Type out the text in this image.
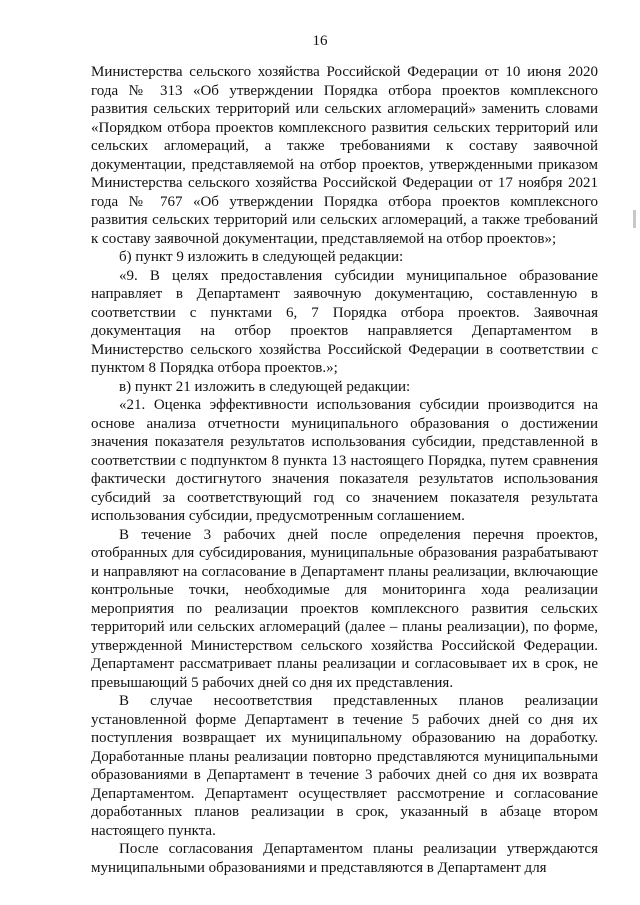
16

Министерства сельского хозяйства Российской Федерации от 10 июня 2020 года № 313 «Об утверждении Порядка отбора проектов комплексного развития сельских территорий или сельских агломераций» заменить словами «Порядком отбора проектов комплексного развития сельских территорий или сельских агломераций, а также требованиями к составу заявочной документации, представляемой на отбор проектов, утвержденными приказом Министерства сельского хозяйства Российской Федерации от 17 ноября 2021 года № 767 «Об утверждении Порядка отбора проектов комплексного развития сельских территорий или сельских агломераций, а также требований к составу заявочной документации, представляемой на отбор проектов»;

б) пункт 9 изложить в следующей редакции:

«9. В целях предоставления субсидии муниципальное образование направляет в Департамент заявочную документацию, составленную в соответствии с пунктами 6, 7 Порядка отбора проектов. Заявочная документация на отбор проектов направляется Департаментом в Министерство сельского хозяйства Российской Федерации в соответствии с пунктом 8 Порядка отбора проектов.»;

в) пункт 21 изложить в следующей редакции:

«21. Оценка эффективности использования субсидии производится на основе анализа отчетности муниципального образования о достижении значения показателя результатов использования субсидии, представленной в соответствии с подпунктом 8 пункта 13 настоящего Порядка, путем сравнения фактически достигнутого значения показателя результатов использования субсидий за соответствующий год со значением показателя результата использования субсидии, предусмотренным соглашением.

В течение 3 рабочих дней после определения перечня проектов, отобранных для субсидирования, муниципальные образования разрабатывают и направляют на согласование в Департамент планы реализации, включающие контрольные точки, необходимые для мониторинга хода реализации мероприятия по реализации проектов комплексного развития сельских территорий или сельских агломераций (далее – планы реализации), по форме, утвержденной Министерством сельского хозяйства Российской Федерации. Департамент рассматривает планы реализации и согласовывает их в срок, не превышающий 5 рабочих дней со дня их представления.

В случае несоответствия представленных планов реализации установленной форме Департамент в течение 5 рабочих дней со дня их поступления возвращает их муниципальному образованию на доработку. Доработанные планы реализации повторно представляются муниципальными образованиями в Департамент в течение 3 рабочих дней со дня их возврата Департаментом. Департамент осуществляет рассмотрение и согласование доработанных планов реализации в срок, указанный в абзаце втором настоящего пункта.

После согласования Департаментом планы реализации утверждаются муниципальными образованиями и представляются в Департамент для
